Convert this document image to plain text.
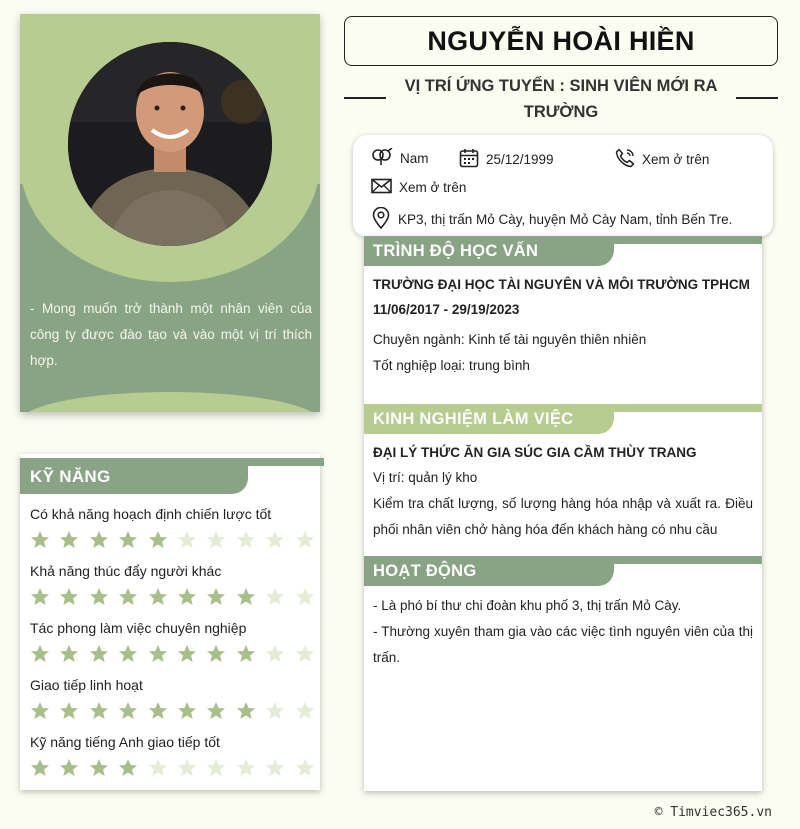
- Mong muốn trở thành một nhân viên của công ty được đào tạo và vào một vị trí thích hợp.
KỸ NĂNG
Có khả năng hoạch định chiến lược tốt
Khả năng thúc đẩy người khác
Tác phong làm việc chuyên nghiệp
Giao tiếp linh hoạt
Kỹ năng tiếng Anh giao tiếp tốt
NGUYỄN HOÀI HIỀN
VỊ TRÍ ỨNG TUYỂN : SINH VIÊN MỚI RA TRƯỜNG
Nam	25/12/1999	Xem ở trên
Xem ở trên
KP3, thị trấn Mỏ Cày, huyện Mỏ Cày Nam, tỉnh Bến Tre.
TRÌNH ĐỘ HỌC VẤN
TRƯỜNG ĐẠI HỌC TÀI NGUYÊN VÀ MÔI TRƯỜNG TPHCM
11/06/2017 - 29/19/2023
Chuyên ngành: Kinh tế tài nguyên thiên nhiên
Tốt nghiệp loại: trung bình
KINH NGHIỆM LÀM VIỆC
ĐẠI LÝ THỨC ĂN GIA SÚC GIA CẦM THÙY TRANG
Vị trí: quản lý kho
Kiểm tra chất lượng, số lượng hàng hóa nhập và xuất ra. Điều phối nhân viên chở hàng hóa đến khách hàng có nhu cầu
HOẠT ĐỘNG
- Là phó bí thư chi đoàn khu phố 3, thị trấn Mỏ Cày.
- Thường xuyên tham gia vào các việc tình nguyên viên của thị trấn.
© Timviec365.vn
